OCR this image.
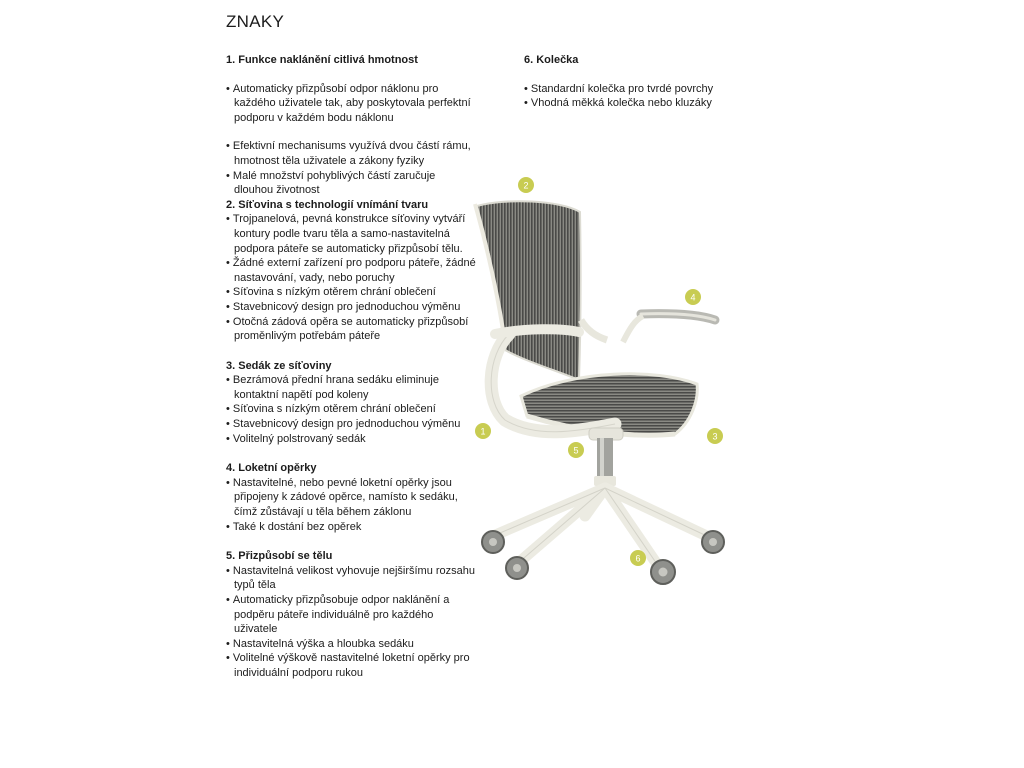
ZNAKY
1. Funkce naklánění citlivá hmotnost
• Automaticky přizpůsobí odpor náklonu pro každého uživatele tak, aby poskytovala perfektní podporu v každém bodu náklonu
• Efektivní mechanisums využívá dvou částí rámu, hmotnost těla uživatele a zákony fyziky
• Malé množství pohyblivých částí zaručuje dlouhou životnost
2. Síťovina s technologií vnímání tvaru
• Trojpanelová, pevná konstrukce síťoviny vytváří kontury podle tvaru těla a samo-nastavitelná podpora páteře se automaticky přizpůsobí tělu.
• Žádné externí zařízení pro podporu páteře, žádné nastavování, vady, nebo poruchy
• Síťovina s nízkým otěrem chrání oblečení
• Stavebnicový design pro jednoduchou výměnu
• Otočná zádová opěra se automaticky přizpůsobí proměnlivým potřebám páteře
3. Sedák ze síťoviny
• Bezrámová přední hrana sedáku eliminuje kontaktní napětí pod koleny
• Síťovina s nízkým otěrem chrání oblečení
• Stavebnicový design pro jednoduchou výměnu
• Volitelný polstrovaný sedák
4. Loketní opěrky
• Nastavitelné, nebo pevné loketní opěrky jsou připojeny k zádové opěrce, namísto k sedáku, čímž zůstávají u těla během záklonu
• Také k dostání bez opěrek
5. Přizpůsobí se tělu
• Nastavitelná velikost vyhovuje nejširšímu rozsahu typů těla
• Automaticky přizpůsobuje odpor naklánění a podpěru páteře individuálně pro každého uživatele
• Nastavitelná výška a hloubka sedáku
• Volitelné výškově nastavitelné loketní opěrky pro individuální podporu rukou
6. Kolečka
• Standardní kolečka pro tvrdé povrchy
• Vhodná měkká kolečka nebo kluzáky
1
2
3
4
5
6
